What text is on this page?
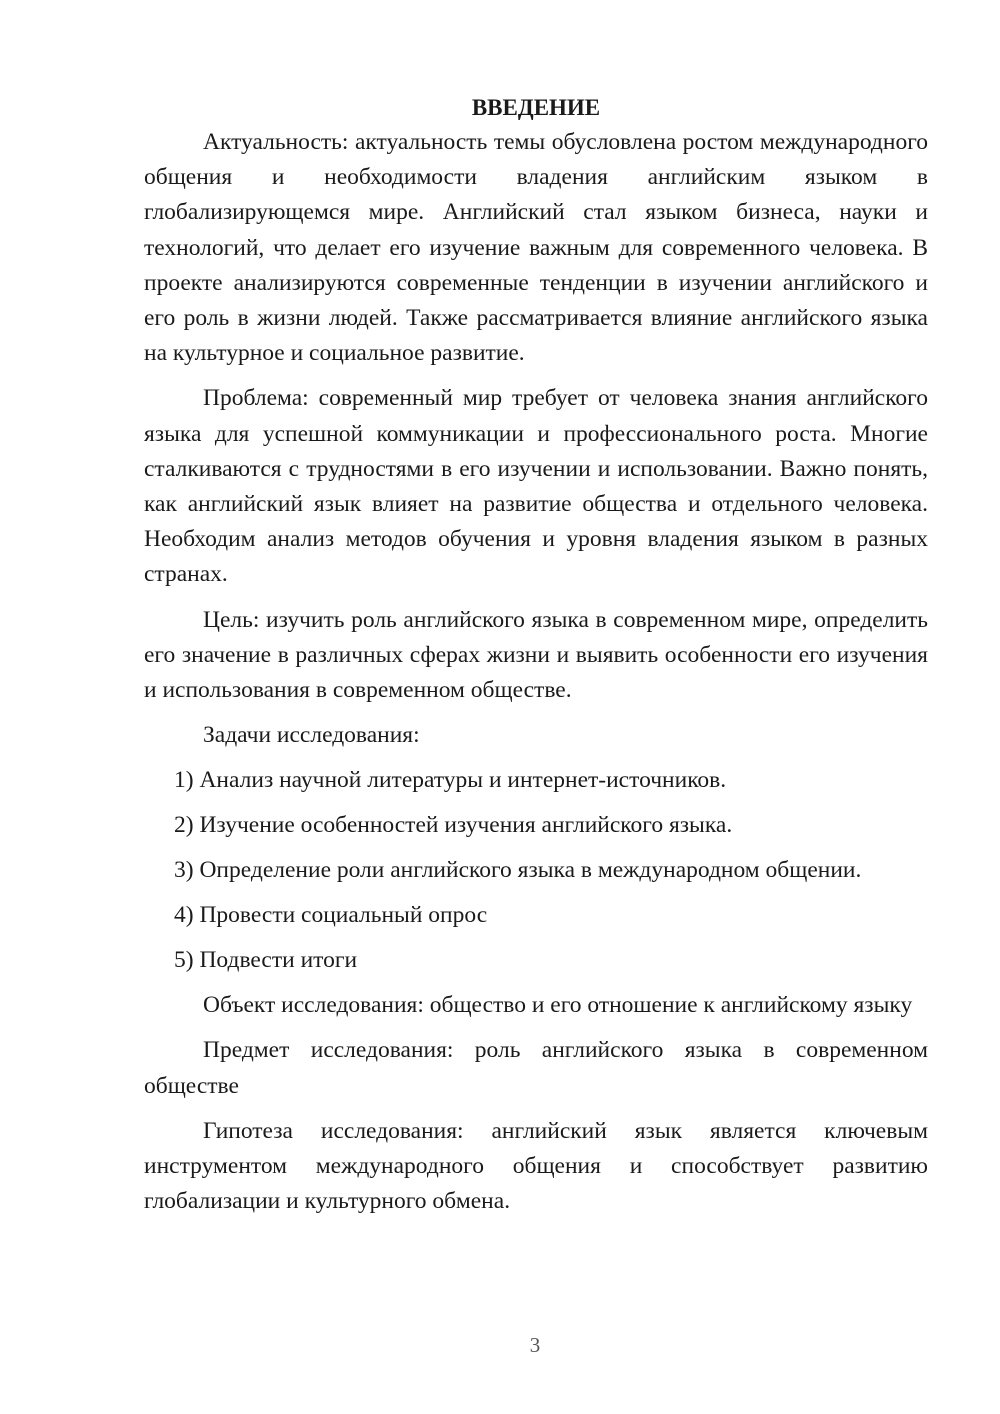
ВВЕДЕНИЕ

Актуальность: актуальность темы обусловлена ростом международного общения и необходимости владения английским языком в глобализирующемся мире. Английский стал языком бизнеса, науки и технологий, что делает его изучение важным для современного человека. В проекте анализируются современные тенденции в изучении английского и его роль в жизни людей. Также рассматривается влияние английского языка на культурное и социальное развитие.

Проблема: современный мир требует от человека знания английского языка для успешной коммуникации и профессионального роста. Многие сталкиваются с трудностями в его изучении и использовании. Важно понять, как английский язык влияет на развитие общества и отдельного человека. Необходим анализ методов обучения и уровня владения языком в разных странах.

Цель: изучить роль английского языка в современном мире, определить его значение в различных сферах жизни и выявить особенности его изучения и использования в современном обществе.

Задачи исследования:

1) Анализ научной литературы и интернет-источников.

2) Изучение особенностей изучения английского языка.

3) Определение роли английского языка в международном общении.

4) Провести социальный опрос

5) Подвести итоги

Объект исследования: общество и его отношение к английскому языку

Предмет исследования: роль английского языка в современном обществе

Гипотеза исследования: английский язык является ключевым инструментом международного общения и способствует развитию глобализации и культурного обмена.

3
